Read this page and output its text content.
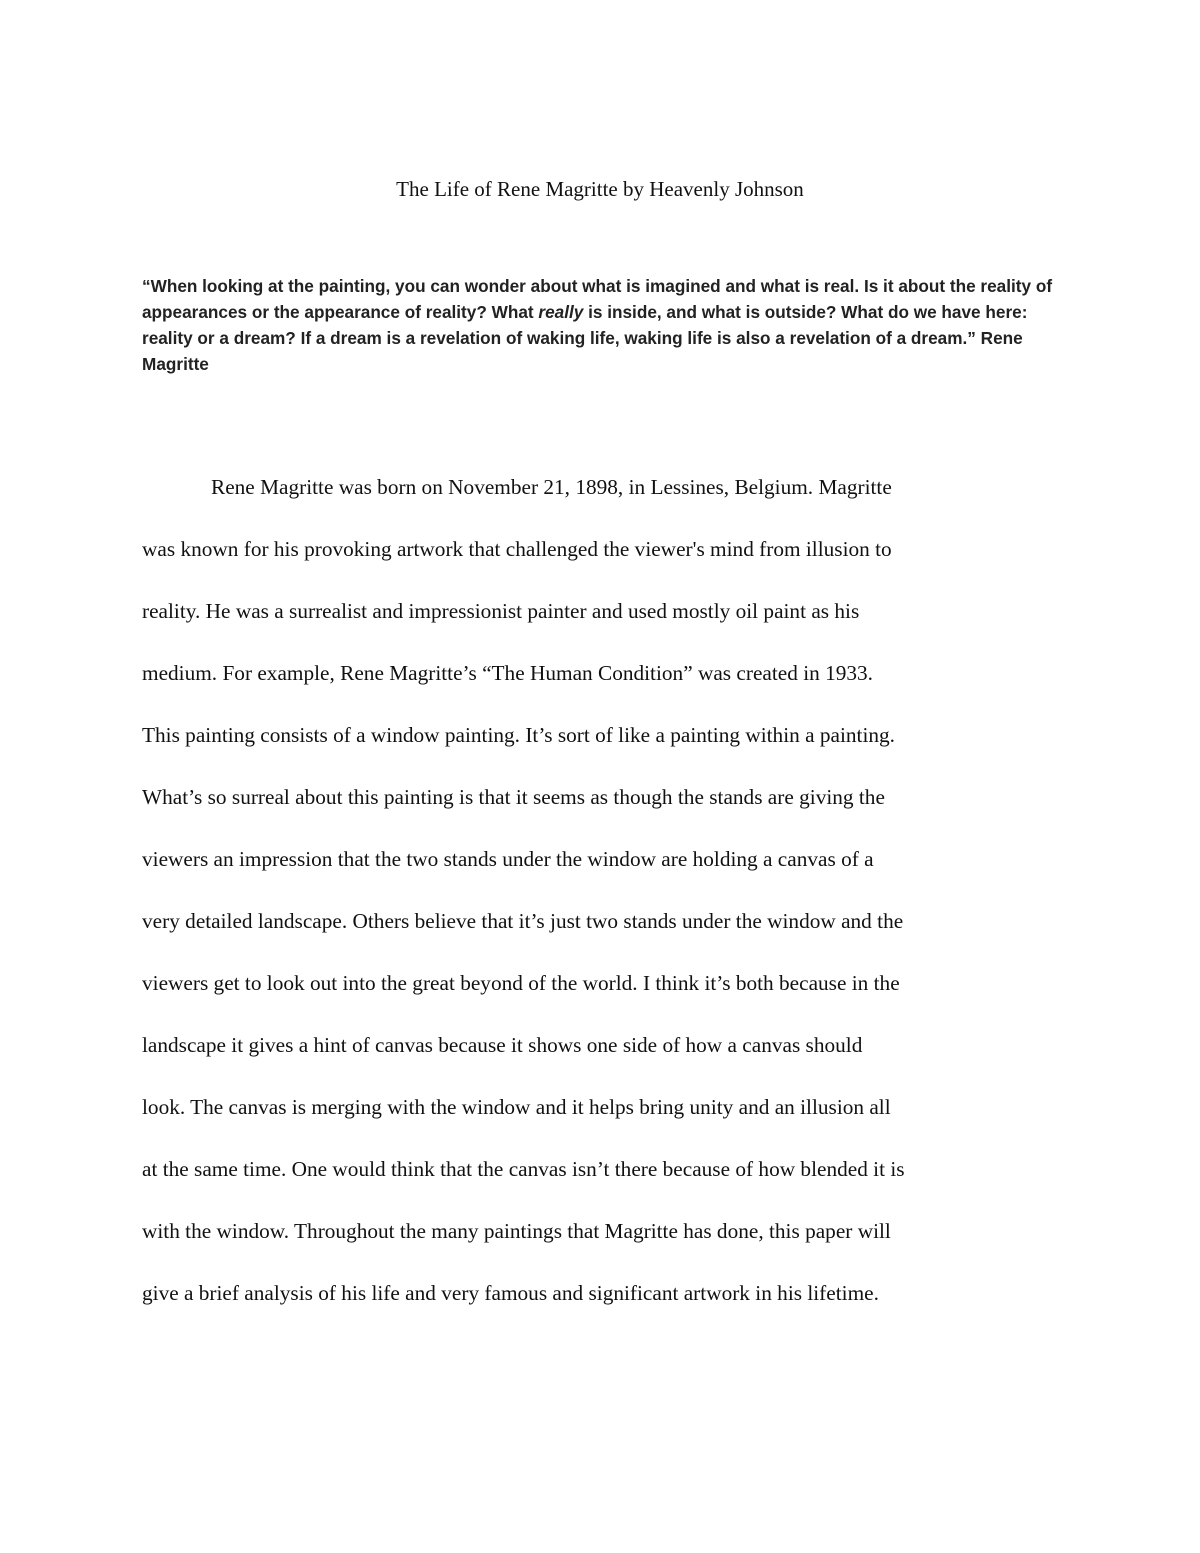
The Life of Rene Magritte by Heavenly Johnson

“When looking at the painting, you can wonder about what is imagined and what is real. Is it about the reality of appearances or the appearance of reality? What really is inside, and what is outside? What do we have here: reality or a dream? If a dream is a revelation of waking life, waking life is also a revelation of a dream.” Rene Magritte

Rene Magritte was born on November 21, 1898, in Lessines, Belgium. Magritte
was known for his provoking artwork that challenged the viewer's mind from illusion to
reality. He was a surrealist and impressionist painter and used mostly oil paint as his
medium. For example, Rene Magritte’s “The Human Condition” was created in 1933.
This painting consists of a window painting. It’s sort of like a painting within a painting.
What’s so surreal about this painting is that it seems as though the stands are giving the
viewers an impression that the two stands under the window are holding a canvas of a
very detailed landscape. Others believe that it’s just two stands under the window and the
viewers get to look out into the great beyond of the world. I think it’s both because in the
landscape it gives a hint of canvas because it shows one side of how a canvas should
look. The canvas is merging with the window and it helps bring unity and an illusion all
at the same time. One would think that the canvas isn’t there because of how blended it is
with the window. Throughout the many paintings that Magritte has done, this paper will
give a brief analysis of his life and very famous and significant artwork in his lifetime.
